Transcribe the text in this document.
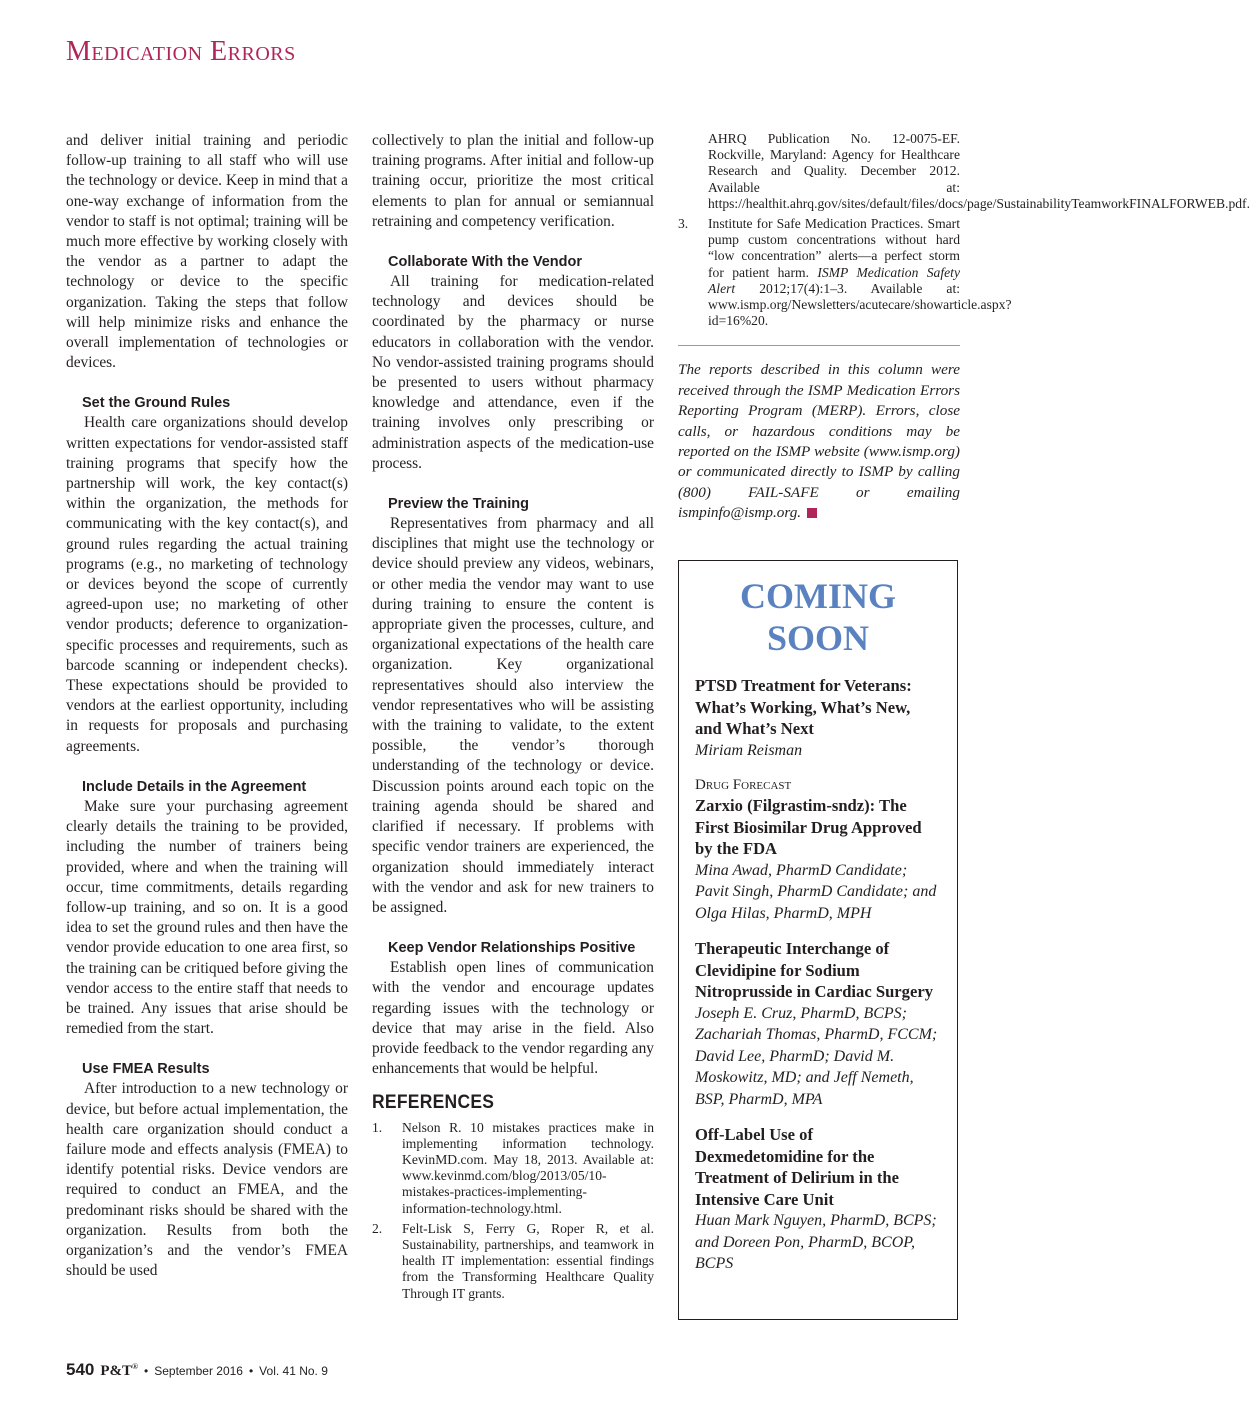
Medication Errors

and deliver initial training and periodic follow-up training to all staff who will use the technology or device. Keep in mind that a one-way exchange of information from the vendor to staff is not optimal; training will be much more effective by working closely with the vendor as a partner to adapt the technology or device to the specific organization. Taking the steps that follow will help minimize risks and enhance the overall implementation of technologies or devices.

Set the Ground Rules

Health care organizations should develop written expectations for vendor-assisted staff training programs that specify how the partnership will work, the key contact(s) within the organization, the methods for communicating with the key contact(s), and ground rules regarding the actual training programs (e.g., no marketing of technology or devices beyond the scope of currently agreed-upon use; no marketing of other vendor products; deference to organization-specific processes and requirements, such as barcode scanning or independent checks). These expectations should be provided to vendors at the earliest opportunity, including in requests for proposals and purchasing agreements.

Include Details in the Agreement

Make sure your purchasing agreement clearly details the training to be provided, including the number of trainers being provided, where and when the training will occur, time commitments, details regarding follow-up training, and so on. It is a good idea to set the ground rules and then have the vendor provide education to one area first, so the training can be critiqued before giving the vendor access to the entire staff that needs to be trained. Any issues that arise should be remedied from the start.

Use FMEA Results

After introduction to a new technology or device, but before actual implementation, the health care organization should conduct a failure mode and effects analysis (FMEA) to identify potential risks. Device vendors are required to conduct an FMEA, and the predominant risks should be shared with the organization. Results from both the organization’s and the vendor’s FMEA should be used

collectively to plan the initial and follow-up training programs. After initial and follow-up training occur, prioritize the most critical elements to plan for annual or semiannual retraining and competency verification.

Collaborate With the Vendor

All training for medication-related technology and devices should be coordinated by the pharmacy or nurse educators in collaboration with the vendor. No vendor-assisted training programs should be presented to users without pharmacy knowledge and attendance, even if the training involves only prescribing or administration aspects of the medication-use process.

Preview the Training

Representatives from pharmacy and all disciplines that might use the technology or device should preview any videos, webinars, or other media the vendor may want to use during training to ensure the content is appropriate given the processes, culture, and organizational expectations of the health care organization. Key organizational representatives should also interview the vendor representatives who will be assisting with the training to validate, to the extent possible, the vendor’s thorough understanding of the technology or device. Discussion points around each topic on the training agenda should be shared and clarified if necessary. If problems with specific vendor trainers are experienced, the organization should immediately interact with the vendor and ask for new trainers to be assigned.

Keep Vendor Relationships Positive

Establish open lines of communication with the vendor and encourage updates regarding issues with the technology or device that may arise in the field. Also provide feedback to the vendor regarding any enhancements that would be helpful.

REFERENCES
1. Nelson R. 10 mistakes practices make in implementing information technology. KevinMD.com. May 18, 2013. Available at: www.kevinmd.com/blog/2013/05/10-mistakes-practices-implementing-information-technology.html.
2. Felt-Lisk S, Ferry G, Roper R, et al. Sustainability, partnerships, and teamwork in health IT implementation: essential findings from the Transforming Healthcare Quality Through IT grants.
AHRQ Publication No. 12-0075-EF. Rockville, Maryland: Agency for Healthcare Research and Quality. December 2012. Available at: https://healthit.ahrq.gov/sites/default/files/docs/page/SustainabilityTeamworkFINALFORWEB.pdf.
3. Institute for Safe Medication Practices. Smart pump custom concentrations without hard “low concentration” alerts—a perfect storm for patient harm. ISMP Medication Safety Alert 2012;17(4):1–3. Available at: www.ismp.org/Newsletters/acutecare/showarticle.aspx?id=16%20.
The reports described in this column were received through the ISMP Medication Errors Reporting Program (MERP). Errors, close calls, or hazardous conditions may be reported on the ISMP website (www.ismp.org) or communicated directly to ISMP by calling (800) FAIL-SAFE or emailing ismpinfo@ismp.org.
COMING
SOON
PTSD Treatment for Veterans: What’s Working, What’s New, and What’s Next
Miriam Reisman
Drug Forecast
Zarxio (Filgrastim-sndz): The First Biosimilar Drug Approved by the FDA
Mina Awad, PharmD Candidate; Pavit Singh, PharmD Candidate; and Olga Hilas, PharmD, MPH
Therapeutic Interchange of Clevidipine for Sodium Nitroprusside in Cardiac Surgery
Joseph E. Cruz, PharmD, BCPS; Zachariah Thomas, PharmD, FCCM; David Lee, PharmD; David M. Moskowitz, MD; and Jeff Nemeth, BSP, PharmD, MPA
Off-Label Use of Dexmedetomidine for the Treatment of Delirium in the Intensive Care Unit
Huan Mark Nguyen, PharmD, BCPS; and Doreen Pon, PharmD, BCOP, BCPS
540 P&T® • September 2016 • Vol. 41 No. 9
